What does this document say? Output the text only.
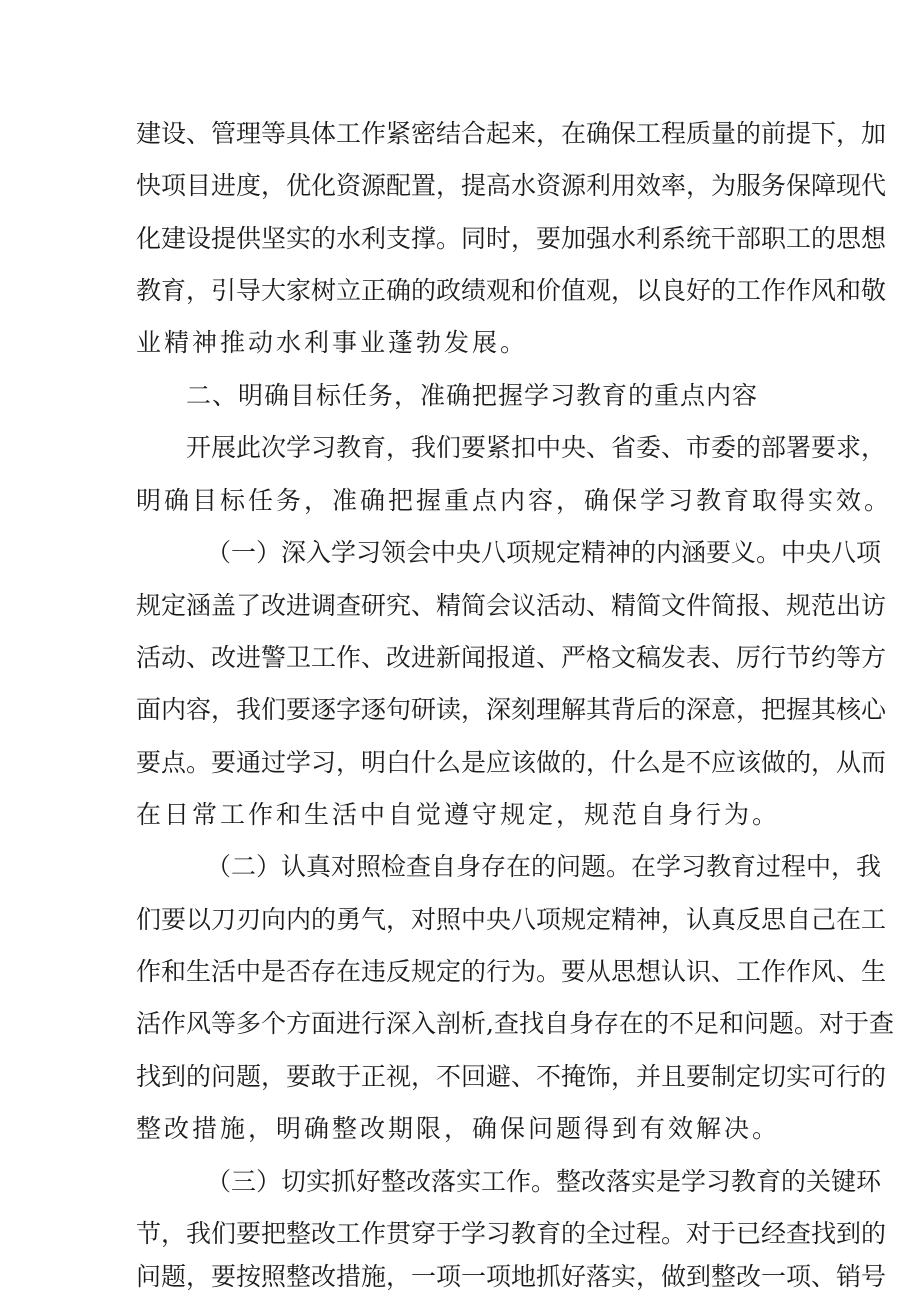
建设、管理等具体工作紧密结合起来，在确保工程质量的前提下，加
快项目进度，优化资源配置，提高水资源利用效率，为服务保障现代
化建设提供坚实的水利支撑。同时，要加强水利系统干部职工的思想
教育，引导大家树立正确的政绩观和价值观，以良好的工作作风和敬
业精神推动水利事业蓬勃发展。
二、明确目标任务，准确把握学习教育的重点内容
开展此次学习教育，我们要紧扣中央、省委、市委的部署要求，
明确目标任务，准确把握重点内容，确保学习教育取得实效。
（一）深入学习领会中央八项规定精神的内涵要义。中央八项
规定涵盖了改进调查研究、精简会议活动、精简文件简报、规范出访
活动、改进警卫工作、改进新闻报道、严格文稿发表、厉行节约等方
面内容，我们要逐字逐句研读，深刻理解其背后的深意，把握其核心
要点。要通过学习，明白什么是应该做的，什么是不应该做的，从而
在日常工作和生活中自觉遵守规定，规范自身行为。
（二）认真对照检查自身存在的问题。在学习教育过程中，我
们要以刀刃向内的勇气，对照中央八项规定精神，认真反思自己在工
作和生活中是否存在违反规定的行为。要从思想认识、工作作风、生
活作风等多个方面进行深入剖析,查找自身存在的不足和问题。对于查
找到的问题，要敢于正视，不回避、不掩饰，并且要制定切实可行的
整改措施，明确整改期限，确保问题得到有效解决。
（三）切实抓好整改落实工作。整改落实是学习教育的关键环
节，我们要把整改工作贯穿于学习教育的全过程。对于已经查找到的
问题，要按照整改措施，一项一项地抓好落实，做到整改一项、销号
